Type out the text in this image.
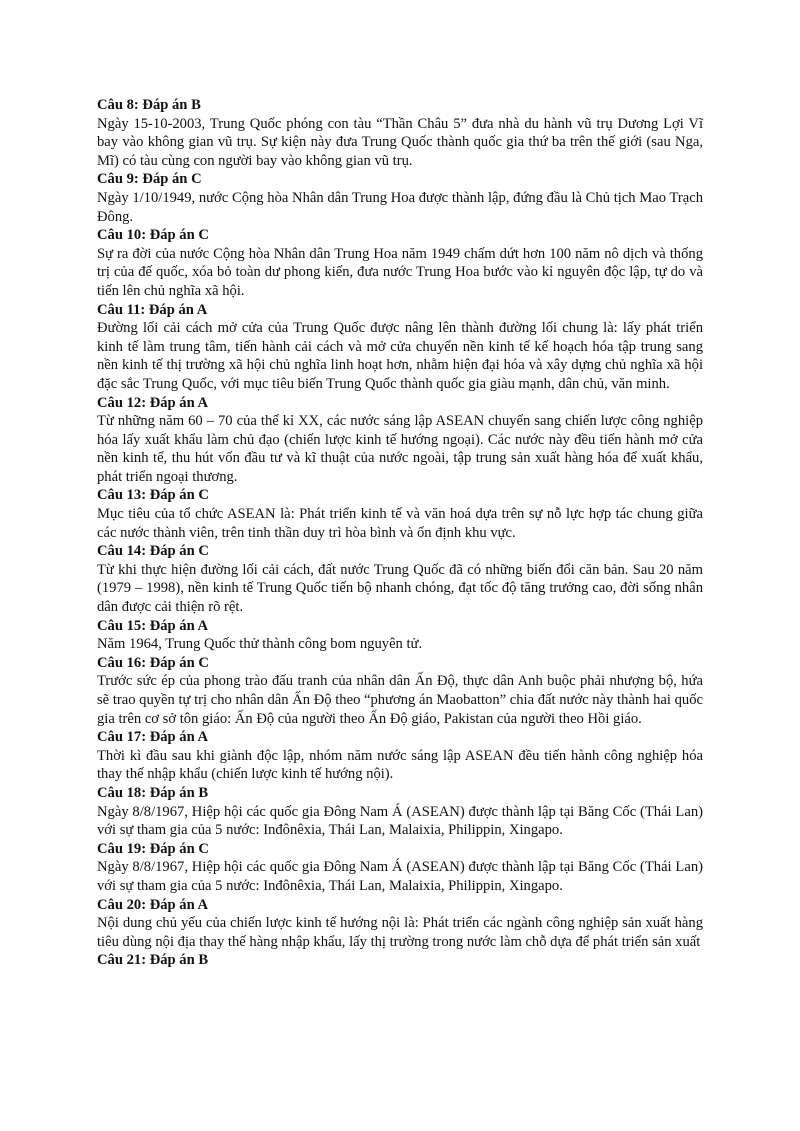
Câu 8: Đáp án B

Ngày 15-10-2003, Trung Quốc phóng con tàu “Thần Châu 5” đưa nhà du hành vũ trụ Dương Lợi Vĩ bay vào không gian vũ trụ. Sự kiện này đưa Trung Quốc thành quốc gia thứ ba trên thế giới (sau Nga, Mĩ) có tàu cùng con người bay vào không gian vũ trụ.

Câu 9: Đáp án C

Ngày 1/10/1949, nước Cộng hòa Nhân dân Trung Hoa được thành lập, đứng đầu là Chủ tịch Mao Trạch Đông.

Câu 10: Đáp án C

Sự ra đời của nước Cộng hòa Nhân dân Trung Hoa năm 1949 chấm dứt hơn 100 năm nô dịch và thống trị của đế quốc, xóa bỏ toàn dư phong kiến, đưa nước Trung Hoa bước vào kỉ nguyên độc lập, tự do và tiến lên chủ nghĩa xã hội.

Câu 11: Đáp án A

Đường lối cải cách mở cửa của Trung Quốc được nâng lên thành đường lối chung là: lấy phát triển kinh tế làm trung tâm, tiến hành cải cách và mở cửa chuyển nền kinh tế kế hoạch hóa tập trung sang nền kinh tế thị trường xã hội chủ nghĩa linh hoạt hơn, nhằm hiện đại hóa và xây dựng chủ nghĩa xã hội đặc sắc Trung Quốc, với mục tiêu biến Trung Quốc thành quốc gia giàu mạnh, dân chủ, văn minh.

Câu 12: Đáp án A

Từ những năm 60 – 70 của thế kỉ XX, các nước sáng lập ASEAN chuyển sang chiến lược công nghiệp hóa lấy xuất khẩu làm chủ đạo (chiến lược kinh tế hướng ngoại). Các nước này đều tiến hành mở cửa nền kinh tế, thu hút vốn đầu tư và kĩ thuật của nước ngoài, tập trung sản xuất hàng hóa để xuất khẩu, phát triển ngoại thương.

Câu 13: Đáp án C

Mục tiêu của tổ chức ASEAN là: Phát triển kinh tế và văn hoá dựa trên sự nỗ lực hợp tác chung giữa các nước thành viên, trên tinh thần duy trì hòa bình và ổn định khu vực.

Câu 14: Đáp án C

Từ khi thực hiện đường lối cải cách, đất nước Trung Quốc đã có những biến đổi căn bản. Sau 20 năm (1979 – 1998), nền kinh tế Trung Quốc tiến bộ nhanh chóng, đạt tốc độ tăng trưởng cao, đời sống nhân dân được cải thiện rõ rệt.

Câu 15: Đáp án A

Năm 1964, Trung Quốc thử thành công bom nguyên tử.

Câu 16: Đáp án C

Trước sức ép của phong trào đấu tranh của nhân dân Ấn Độ, thực dân Anh buộc phải nhượng bộ, hứa sẽ trao quyền tự trị cho nhân dân Ấn Độ theo “phương án Maobatton” chia đất nước này thành hai quốc gia trên cơ sở tôn giáo: Ấn Độ của người theo Ấn Độ giáo, Pakistan của người theo Hồi giáo.

Câu 17: Đáp án A

Thời kì đầu sau khi giành độc lập, nhóm năm nước sáng lập ASEAN đều tiến hành công nghiệp hóa thay thế nhập khẩu (chiến lược kinh tế hướng nội).

Câu 18: Đáp án B

Ngày 8/8/1967, Hiệp hội các quốc gia Đông Nam Á (ASEAN) được thành lập tại Băng Cốc (Thái Lan) với sự tham gia của 5 nước: Inđônêxia, Thái Lan, Malaixia, Philippin, Xingapo.

Câu 19: Đáp án C

Ngày 8/8/1967, Hiệp hội các quốc gia Đông Nam Á (ASEAN) được thành lập tại Băng Cốc (Thái Lan) với sự tham gia của 5 nước: Inđônêxia, Thái Lan, Malaixia, Philippin, Xingapo.

Câu 20: Đáp án A

Nội dung chủ yếu của chiến lược kinh tế hướng nội là: Phát triển các ngành công nghiệp sản xuất hàng tiêu dùng nội địa thay thế hàng nhập khẩu, lấy thị trường trong nước làm chỗ dựa để phát triển sản xuất

Câu 21: Đáp án B
